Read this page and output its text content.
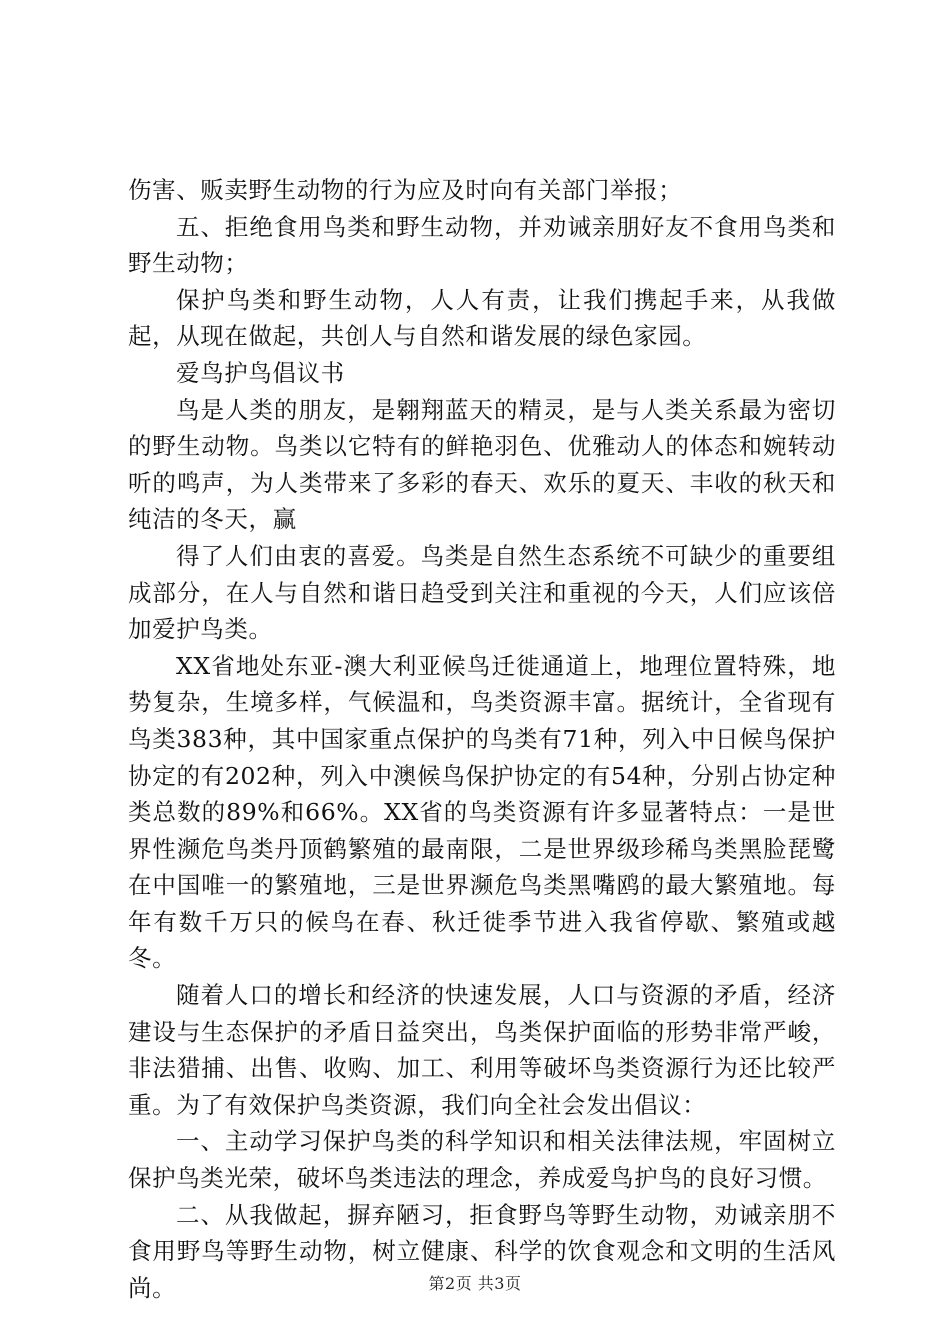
伤害、贩卖野生动物的行为应及时向有关部门举报；

五、拒绝食用鸟类和野生动物，并劝诫亲朋好友不食用鸟类和野生动物；

保护鸟类和野生动物，人人有责，让我们携起手来，从我做起，从现在做起，共创人与自然和谐发展的绿色家园。

爱鸟护鸟倡议书

鸟是人类的朋友，是翱翔蓝天的精灵，是与人类关系最为密切的野生动物。鸟类以它特有的鲜艳羽色、优雅动人的体态和婉转动听的鸣声，为人类带来了多彩的春天、欢乐的夏天、丰收的秋天和纯洁的冬天，赢

得了人们由衷的喜爱。鸟类是自然生态系统不可缺少的重要组成部分，在人与自然和谐日趋受到关注和重视的今天，人们应该倍加爱护鸟类。

XX省地处东亚-澳大利亚候鸟迁徙通道上，地理位置特殊，地势复杂，生境多样，气候温和，鸟类资源丰富。据统计，全省现有鸟类383种，其中国家重点保护的鸟类有71种，列入中日候鸟保护协定的有202种，列入中澳候鸟保护协定的有54种，分别占协定种类总数的89%和66%。XX省的鸟类资源有许多显著特点：一是世界性濒危鸟类丹顶鹤繁殖的最南限，二是世界级珍稀鸟类黑脸琵鹭在中国唯一的繁殖地，三是世界濒危鸟类黑嘴鸥的最大繁殖地。每年有数千万只的候鸟在春、秋迁徙季节进入我省停歇、繁殖或越冬。

随着人口的增长和经济的快速发展，人口与资源的矛盾，经济建设与生态保护的矛盾日益突出，鸟类保护面临的形势非常严峻，非法猎捕、出售、收购、加工、利用等破坏鸟类资源行为还比较严重。为了有效保护鸟类资源，我们向全社会发出倡议：

一、主动学习保护鸟类的科学知识和相关法律法规，牢固树立保护鸟类光荣，破坏鸟类违法的理念，养成爱鸟护鸟的良好习惯。

二、从我做起，摒弃陋习，拒食野鸟等野生动物，劝诫亲朋不食用野鸟等野生动物，树立健康、科学的饮食观念和文明的生活风尚。	第2页 共3页
